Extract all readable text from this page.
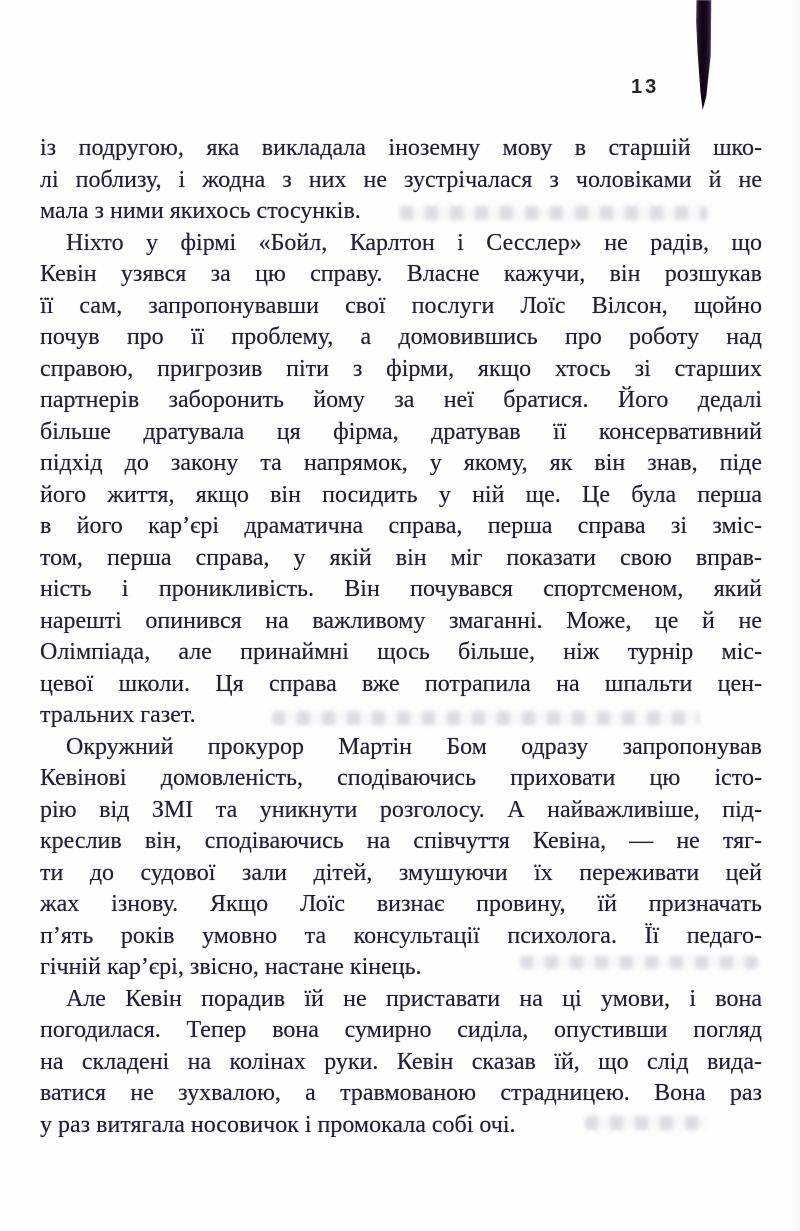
13
із подругою, яка викладала іноземну мову в старшій шко-
лі поблизу, і жодна з них не зустрічалася з чоловіками й не
мала з ними якихось стосунків.
Ніхто у фірмі «Бойл, Карлтон і Сесслер» не радів, що
Кевін узявся за цю справу. Власне кажучи, він розшукав
її сам, запропонувавши свої послуги Лоїс Вілсон, щойно
почув про її проблему, а домовившись про роботу над
справою, пригрозив піти з фірми, якщо хтось зі старших
партнерів заборонить йому за неї братися. Його дедалі
більше дратувала ця фірма, дратував її консервативний
підхід до закону та напрямок, у якому, як він знав, піде
його життя, якщо він посидить у ній ще. Це була перша
в його кар’єрі драматична справа, перша справа зі зміс-
том, перша справа, у якій він міг показати свою вправ-
ність і проникливість. Він почувався спортсменом, який
нарешті опинився на важливому змаганні. Може, це й не
Олімпіада, але принаймні щось більше, ніж турнір міс-
цевої школи. Ця справа вже потрапила на шпальти цен-
тральних газет.
Окружний прокурор Мартін Бом одразу запропонував
Кевінові домовленість, сподіваючись приховати цю істо-
рію від ЗМІ та уникнути розголосу. А найважливіше, під-
креслив він, сподіваючись на співчуття Кевіна, — не тяг-
ти до судової зали дітей, змушуючи їх переживати цей
жах ізнову. Якщо Лоїс визнає провину, їй призначать
п’ять років умовно та консультації психолога. Її педаго-
гічній кар’єрі, звісно, настане кінець.
Але Кевін порадив їй не приставати на ці умови, і вона
погодилася. Тепер вона сумирно сиділа, опустивши погляд
на складені на колінах руки. Кевін сказав їй, що слід вида-
ватися не зухвалою, а травмованою страдницею. Вона раз
у раз витягала носовичок і промокала собі очі.
